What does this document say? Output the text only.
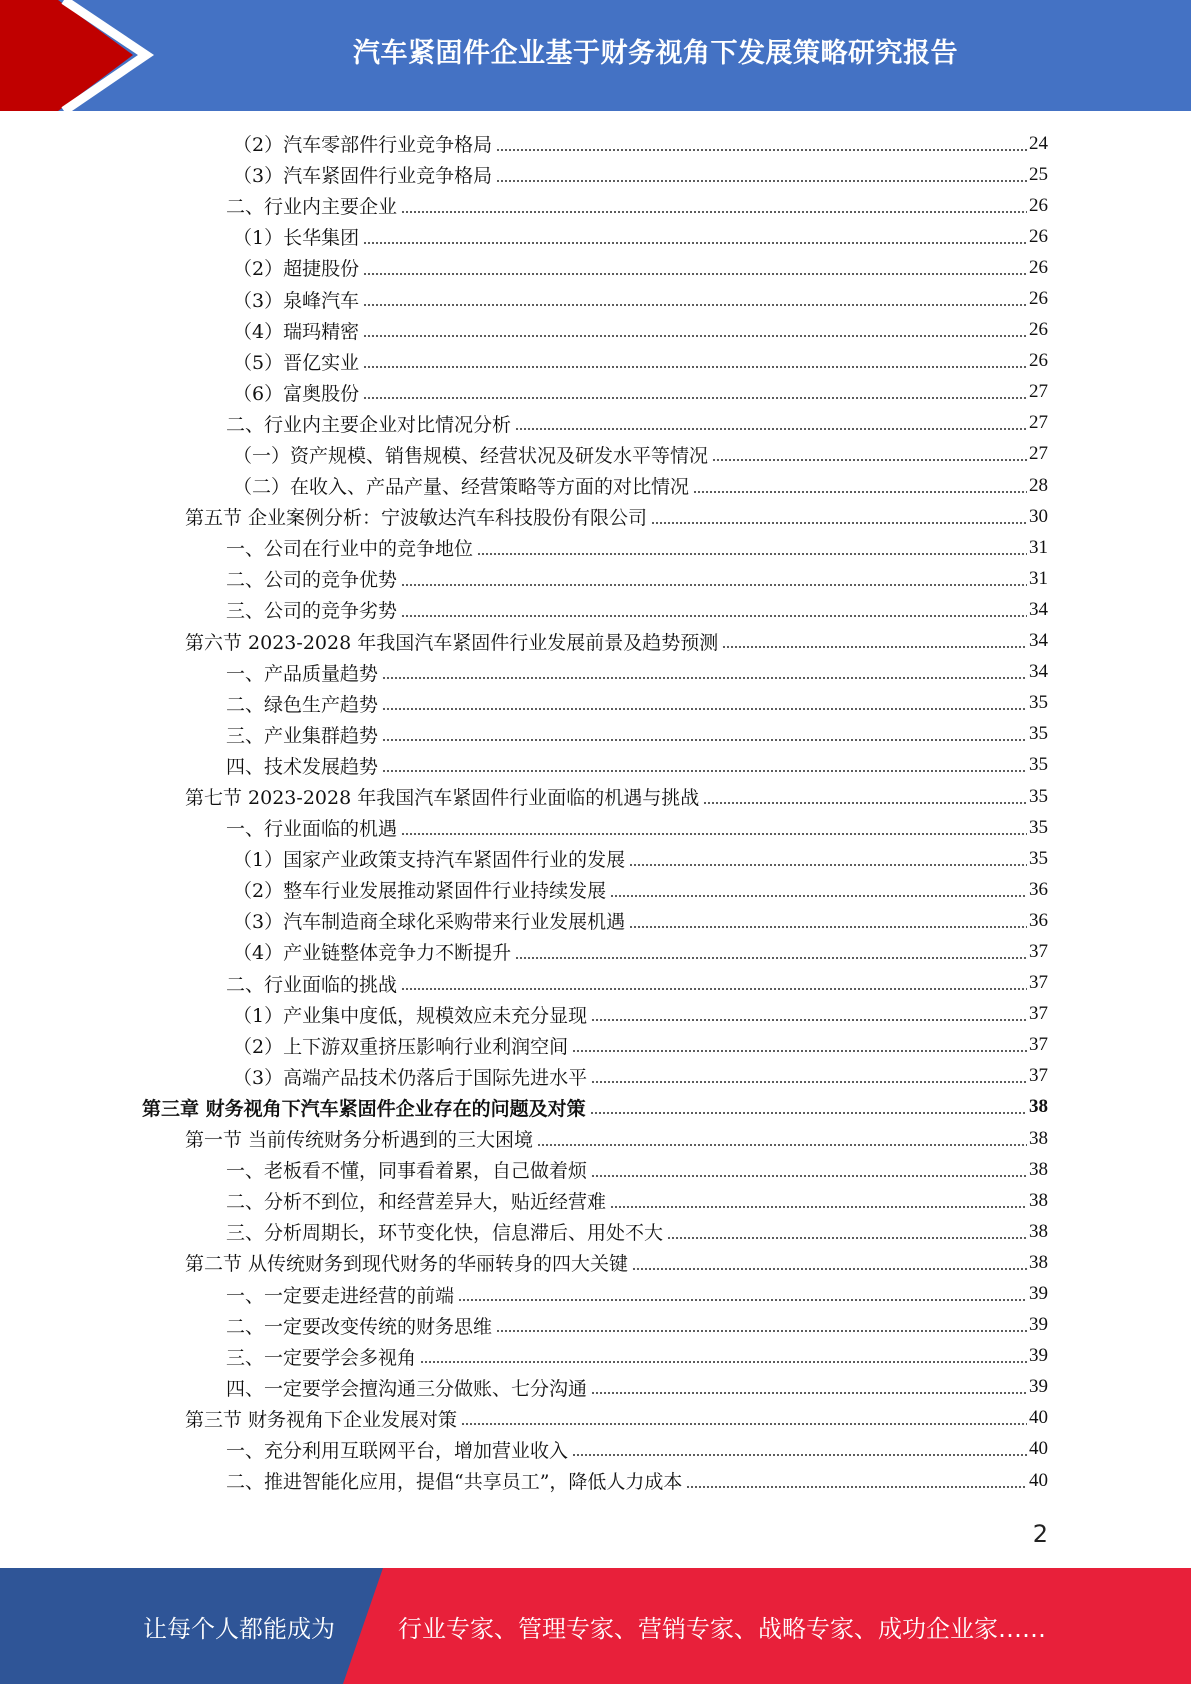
汽车紧固件企业基于财务视角下发展策略研究报告
（2）汽车零部件行业竞争格局	24
（3）汽车紧固件行业竞争格局	25
二、行业内主要企业	26
（1）长华集团	26
（2）超捷股份	26
（3）泉峰汽车	26
（4）瑞玛精密	26
（5）晋亿实业	26
（6）富奥股份	27
二、行业内主要企业对比情况分析	27
（一）资产规模、销售规模、经营状况及研发水平等情况	27
（二）在收入、产品产量、经营策略等方面的对比情况	28
第五节 企业案例分析：宁波敏达汽车科技股份有限公司	30
一、公司在行业中的竞争地位	31
二、公司的竞争优势	31
三、公司的竞争劣势	34
第六节 2023-2028 年我国汽车紧固件行业发展前景及趋势预测	34
一、产品质量趋势	34
二、绿色生产趋势	35
三、产业集群趋势	35
四、技术发展趋势	35
第七节 2023-2028 年我国汽车紧固件行业面临的机遇与挑战	35
一、行业面临的机遇	35
（1）国家产业政策支持汽车紧固件行业的发展	35
（2）整车行业发展推动紧固件行业持续发展	36
（3）汽车制造商全球化采购带来行业发展机遇	36
（4）产业链整体竞争力不断提升	37
二、行业面临的挑战	37
（1）产业集中度低，规模效应未充分显现	37
（2）上下游双重挤压影响行业利润空间	37
（3）高端产品技术仍落后于国际先进水平	37
第三章 财务视角下汽车紧固件企业存在的问题及对策	38
第一节 当前传统财务分析遇到的三大困境	38
一、老板看不懂，同事看着累，自己做着烦	38
二、分析不到位，和经营差异大，贴近经营难	38
三、分析周期长，环节变化快，信息滞后、用处不大	38
第二节 从传统财务到现代财务的华丽转身的四大关键	38
一、一定要走进经营的前端	39
二、一定要改变传统的财务思维	39
三、一定要学会多视角	39
四、一定要学会擅沟通三分做账、七分沟通	39
第三节 财务视角下企业发展对策	40
一、充分利用互联网平台，增加营业收入	40
二、推进智能化应用，提倡“共享员工”，降低人力成本	40
2
让每个人都能成为	行业专家、管理专家、营销专家、战略专家、成功企业家……
